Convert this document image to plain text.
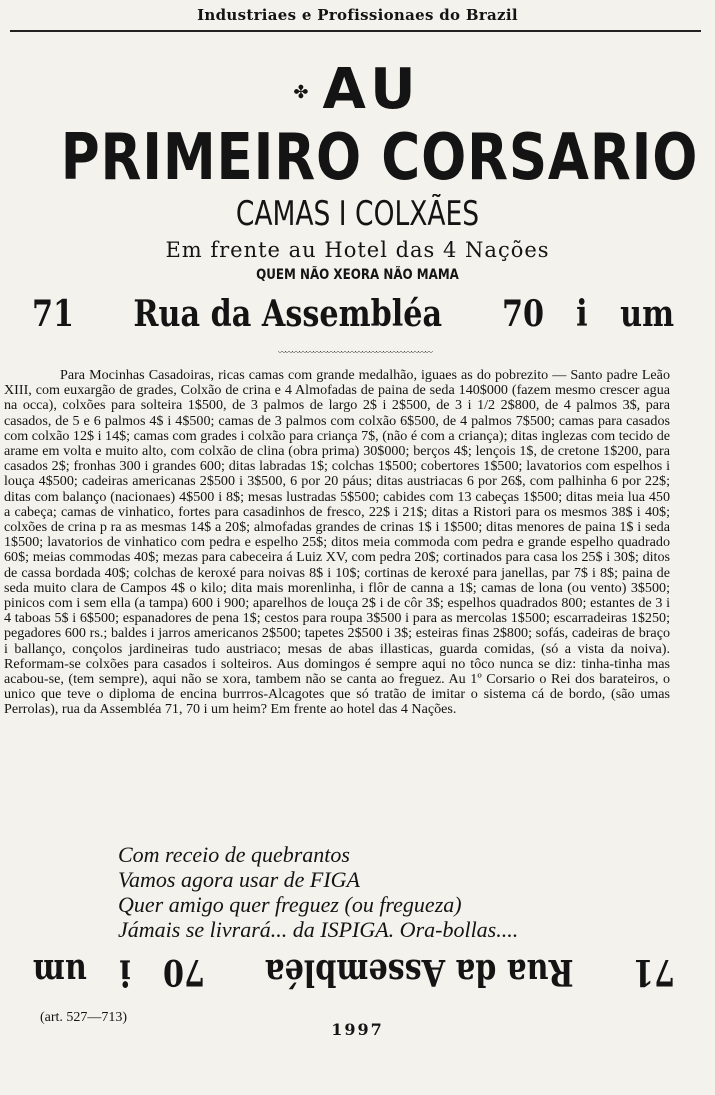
Industriaes e Profissionaes do Brazil
✤ AU
PRIMEIRO CORSARIO
CAMAS I COLXÃES
Em frente au Hotel das 4 Nações
QUEM NÃO XEORA NÃO MAMA
71 Rua da Assembléa 70 i um
〰〰〰〰〰〰〰〰〰〰〰〰〰〰〰〰〰〰〰〰〰〰

Para Mocinhas Casadoiras, ricas camas com grande medalhão, iguaes as do pobrezito — Santo padre Leão XIII, com euxargão de grades, Colxão de crina e 4 Almofadas de paina de seda 140$000 (fazem mesmo crescer agua na occa), colxões para solteira 1$500, de 3 palmos de largo 2$ i 2$500, de 3 i 1/2 2$800, de 4 palmos 3$, para casados, de 5 e 6 palmos 4$ i 4$500; camas de 3 palmos com colxão 6$500, de 4 palmos 7$500; camas para casados com colxão 12$ i 14$; camas com grades i colxão para criança 7$, (não é com a criança); ditas inglezas com tecido de arame em volta e muito alto, com colxão de clina (obra prima) 30$000; berços 4$; lençois 1$, de cretone 1$200, para casados 2$; fronhas 300 i grandes 600; ditas labradas 1$; colchas 1$500; cobertores 1$500; lavatorios com espelhos i louça 4$500; cadeiras americanas 2$500 i 3$500, 6 por 20 páus; ditas austriacas 6 por 26$, com palhinha 6 por 22$; ditas com balanço (nacionaes) 4$500 i 8$; mesas lustradas 5$500; cabides com 13 cabeças 1$500; ditas meia lua 450 a cabeça; camas de vinhatico, fortes para casadinhos de fresco, 22$ i 21$; ditas a Ristori para os mesmos 38$ i 40$; colxões de crina p ra as mesmas 14$ a 20$; almofadas grandes de crinas 1$ i 1$500; ditas menores de paina 1$ i seda 1$500; lavatorios de vinhatico com pedra e espelho 25$; ditos meia commoda com pedra e grande espelho quadrado 60$; meias commodas 40$; mezas para cabeceira á Luiz XV, com pedra 20$; cortinados para casa los 25$ i 30$; ditos de cassa bordada 40$; colchas de keroxé para noivas 8$ i 10$; cortinas de keroxé para janellas, par 7$ i 8$; paina de seda muito clara de Campos 4$ o kilo; dita mais morenlinha, i flôr de canna a 1$; camas de lona (ou vento) 3$500; pinicos com i sem ella (a tampa) 600 i 900; aparelhos de louça 2$ i de côr 3$; espelhos quadrados 800; estantes de 3 i 4 taboas 5$ i 6$500; espanadores de pena 1$; cestos para roupa 3$500 i para as mercolas 1$500; escarradeiras 1$250; pegadores 600 rs.; baldes i jarros americanos 2$500; tapetes 2$500 i 3$; esteiras finas 2$800; sofás, cadeiras de braço i ballanço, conçolos jardineiras tudo austriaco; mesas de abas illasticas, guarda comidas, (só a vista da noiva). Reformam-se colxões para casados i solteiros. Aus domingos é sempre aqui no tôco nunca se diz: tinha-tinha mas acabou-se, (tem sempre), aqui não se xora, tambem não se canta ao freguez. Au 1º Corsario o Rei dos barateiros, o unico que teve o diploma de encina burrros-Alcagotes que só tratão de imitar o sistema cá de bordo, (são umas Perrolas), rua da Assembléa 71, 70 i um heim? Em frente ao hotel das 4 Nações.

Com receio de quebrantos
Vamos agora usar de FIGA
Quer amigo quer freguez (ou fregueza)
Jámais se livrará... da ISPIGA. Ora-bollas....
71
Rua da Assembléa
70
i
um
(art. 527—713)
1997
